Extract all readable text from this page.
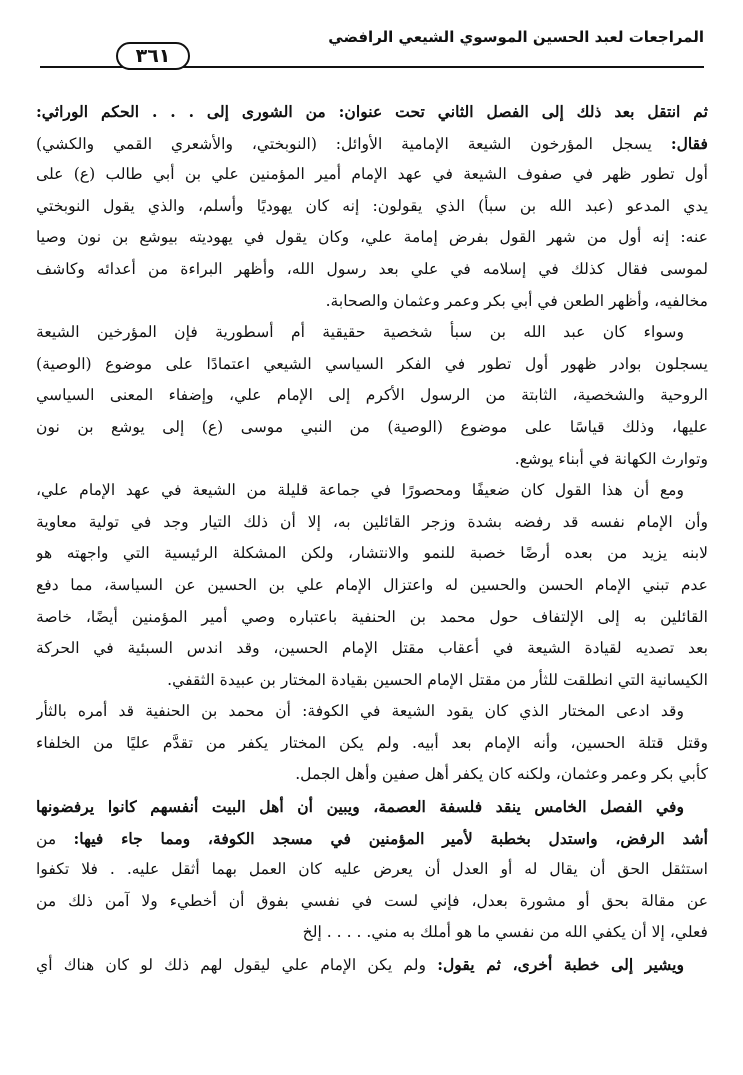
المراجعات لعبد الحسين الموسوي الشيعي الرافضي
٣٦١
ثم انتقل بعد ذلك إلى الفصل الثاني تحت عنوان: من الشورى إلى . . . الحكم الوراثي:
فقال: يسجل المؤرخون الشيعة الإمامية الأوائل: (النوبختي، والأشعري القمي والكشي)
أول تطور ظهر في صفوف الشيعة في عهد الإمام أمير المؤمنين علي بن أبي طالب (ع) على
يدي المدعو (عبد الله بن سبأ) الذي يقولون: إنه كان يهوديًا وأسلم، والذي يقول النوبختي
عنه: إنه أول من شهر القول بفرض إمامة علي، وكان يقول في يهوديته بيوشع بن نون وصيا
لموسى فقال كذلك في إسلامه في علي بعد رسول الله، وأظهر البراءة من أعدائه وكاشف
مخالفيه، وأظهر الطعن في أبي بكر وعمر وعثمان والصحابة.
وسواء كان عبد الله بن سبأ شخصية حقيقية أم أسطورية فإن المؤرخين الشيعة
يسجلون بوادر ظهور أول تطور في الفكر السياسي الشيعي اعتمادًا على موضوع (الوصية)
الروحية والشخصية، الثابتة من الرسول الأكرم إلى الإمام علي، وإضفاء المعنى السياسي
عليها، وذلك قياسًا على موضوع (الوصية) من النبي موسى (ع) إلى يوشع بن نون
وتوارث الكهانة في أبناء يوشع.
ومع أن هذا القول كان ضعيفًا ومحصورًا في جماعة قليلة من الشيعة في عهد الإمام علي،
وأن الإمام نفسه قد رفضه بشدة وزجر القائلين به، إلا أن ذلك التيار وجد في تولية معاوية
لابنه يزيد من بعده أرضًا خصبة للنمو والانتشار، ولكن المشكلة الرئيسية التي واجهته هو
عدم تبني الإمام الحسن والحسين له واعتزال الإمام علي بن الحسين عن السياسة، مما دفع
القائلين به إلى الإلتفاف حول محمد بن الحنفية باعتباره وصي أمير المؤمنين أيضًا، خاصة
بعد تصديه لقيادة الشيعة في أعقاب مقتل الإمام الحسين، وقد اندس السبئية في الحركة
الكيسانية التي انطلقت للثأر من مقتل الإمام الحسين بقيادة المختار بن عبيدة الثقفي.
وقد ادعى المختار الذي كان يقود الشيعة في الكوفة: أن محمد بن الحنفية قد أمره بالثأر
وقتل قتلة الحسين، وأنه الإمام بعد أبيه. ولم يكن المختار يكفر من تقدَّم عليًا من الخلفاء
كأبي بكر وعمر وعثمان، ولكنه كان يكفر أهل صفين وأهل الجمل.
وفي الفصل الخامس ينقد فلسفة العصمة، ويبين أن أهل البيت أنفسهم كانوا يرفضونها
أشد الرفض، واستدل بخطبة لأمير المؤمنين في مسجد الكوفة، ومما جاء فيها: من
استثقل الحق أن يقال له أو العدل أن يعرض عليه كان العمل بهما أثقل عليه. . فلا تكفوا
عن مقالة بحق أو مشورة بعدل، فإني لست في نفسي بفوق أن أخطيء ولا آمن ذلك من
فعلي، إلا أن يكفي الله من نفسي ما هو أملك به مني. . . . . إلخ
ويشير إلى خطبة أخرى، ثم يقول: ولم يكن الإمام علي ليقول لهم ذلك لو كان هناك أي
